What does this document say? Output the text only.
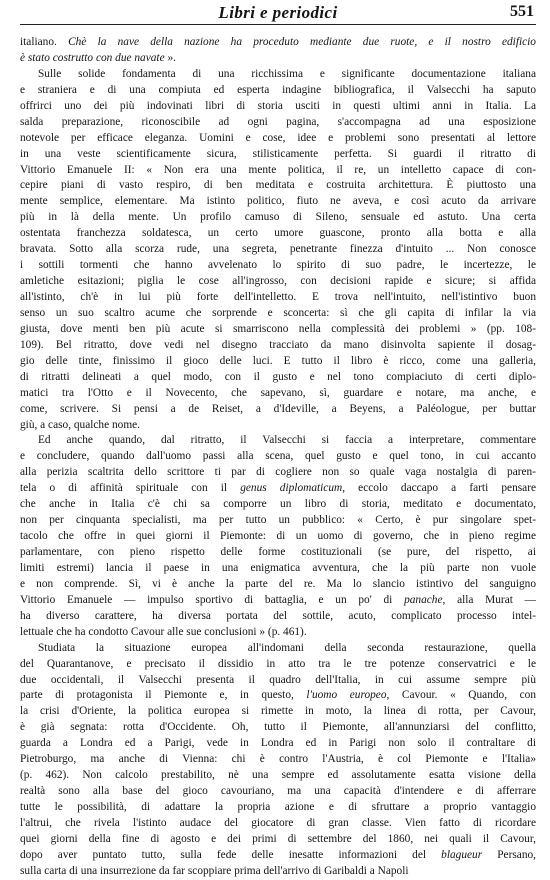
Libri e periodici	551
italiano. Chè la nave della nazione ha proceduto mediante due ruote, e il nostro edificio
è stato costrutto con due navate ».
Sulle solide fondamenta di una ricchissima e significante documentazione italiana
e straniera e di una compiuta ed esperta indagine bibliografica, il Valsecchi ha saputo
offrirci uno dei più indovinati libri di storia usciti in questi ultimi anni in Italia. La
salda preparazione, riconoscibile ad ogni pagina, s'accompagna ad una esposizione
notevole per efficace eleganza. Uomini e cose, idee e problemi sono presentati al lettore
in una veste scientificamente sicura, stilisticamente perfetta. Si guardi il ritratto di
Vittorio Emanuele II: « Non era una mente politica, il re, un intelletto capace di con-
cepire piani di vasto respiro, di ben meditata e costruita architettura. È piuttosto una
mente semplice, elementare. Ma istinto politico, fiuto ne aveva, e così acuto da arrivare
più in là della mente. Un profilo camuso di Sileno, sensuale ed astuto. Una certa
ostentata franchezza soldatesca, un certo umore guascone, pronto alla botta e alla
bravata. Sotto alla scorza rude, una segreta, penetrante finezza d'intuito ... Non conosce
i sottili tormenti che hanno avvelenato lo spirito di suo padre, le incertezze, le
amletiche esitazioni; piglia le cose all'ingrosso, con decisioni rapide e sicure; si affida
all'istinto, ch'è in lui più forte dell'intelletto. E trova nell'intuito, nell'istintivo buon
senso un suo scaltro acume che sorprende e sconcerta: sì che gli capita di infilar la via
giusta, dove menti ben più acute si smarriscono nella complessità dei problemi » (pp. 108-
109). Bel ritratto, dove vedi nel disegno tracciato da mano disinvolta sapiente il dosag-
gio delle tinte, finissimo il gioco delle luci. E tutto il libro è ricco, come una galleria,
di ritratti delineati a quel modo, con il gusto e nel tono compiaciuto di certi diplo-
matici tra l'Otto e il Novecento, che sapevano, sì, guardare e notare, ma anche, e
come, scrivere. Si pensi a de Reiset, a d'Ideville, a Beyens, a Paléologue, per buttar
giù, a caso, qualche nome.
Ed anche quando, dal ritratto, il Valsecchi si faccia a interpretare, commentare
e concludere, quando dall'uomo passi alla scena, quel gusto e quel tono, in cui accanto
alla perizia scaltrita dello scrittore ti par di cogliere non so quale vaga nostalgia di paren-
tela o di affinità spirituale con il genus diplomaticum, eccolo daccapo a farti pensare
che anche in Italia c'è chi sa comporre un libro di storia, meditato e documentato,
non per cinquanta specialisti, ma per tutto un pubblico: « Certo, è pur singolare spet-
tacolo che offre in quei giorni il Piemonte: di un uomo di governo, che in pieno regime
parlamentare, con pieno rispetto delle forme costituzionali (se pure, del rispetto, ai
limiti estremi) lancia il paese in una enigmatica avventura, che la più parte non vuole
e non comprende. Sì, vi è anche la parte del re. Ma lo slancio istintivo del sanguigno
Vittorio Emanuele — impulso sportivo di battaglia, e un po' di panache, alla Murat —
ha diverso carattere, ha diversa portata del sottile, acuto, complicato processo intel-
lettuale che ha condotto Cavour alle sue conclusioni » (p. 461).
Studiata la situazione europea all'indomani della seconda restaurazione, quella
del Quarantanove, e precisato il dissidio in atto tra le tre potenze conservatrici e le
due occidentali, il Valsecchi presenta il quadro dell'Italia, in cui assume sempre più
parte di protagonista il Piemonte e, in questo, l'uomo europeo, Cavour. « Quando, con
la crisi d'Oriente, la politica europea si rimette in moto, la linea di rotta, per Cavour,
è già segnata: rotta d'Occidente. Oh, tutto il Piemonte, all'annunziarsi del conflitto,
guarda a Londra ed a Parigi, vede in Londra ed in Parigi non solo il contraltare di
Pietroburgo, ma anche di Vienna: chi è contro l'Austria, è col Piemonte e l'Italia»
(p. 462). Non calcolo prestabilito, nè una sempre ed assolutamente esatta visione della
realtà sono alla base del gioco cavouriano, ma una capacità d'intendere e di afferrare
tutte le possibilità, di adattare la propria azione e di sfruttare a proprio vantaggio
l'altrui, che rivela l'istinto audace del giocatore di gran classe. Vien fatto di ricordare
quei giorni della fine di agosto e dei primi di settembre del 1860, nei quali il Cavour,
dopo aver puntato tutto, sulla fede delle inesatte informazioni del blagueur Persano,
sulla carta di una insurrezione da far scoppiare prima dell'arrivo di Garibaldi a Napoli
